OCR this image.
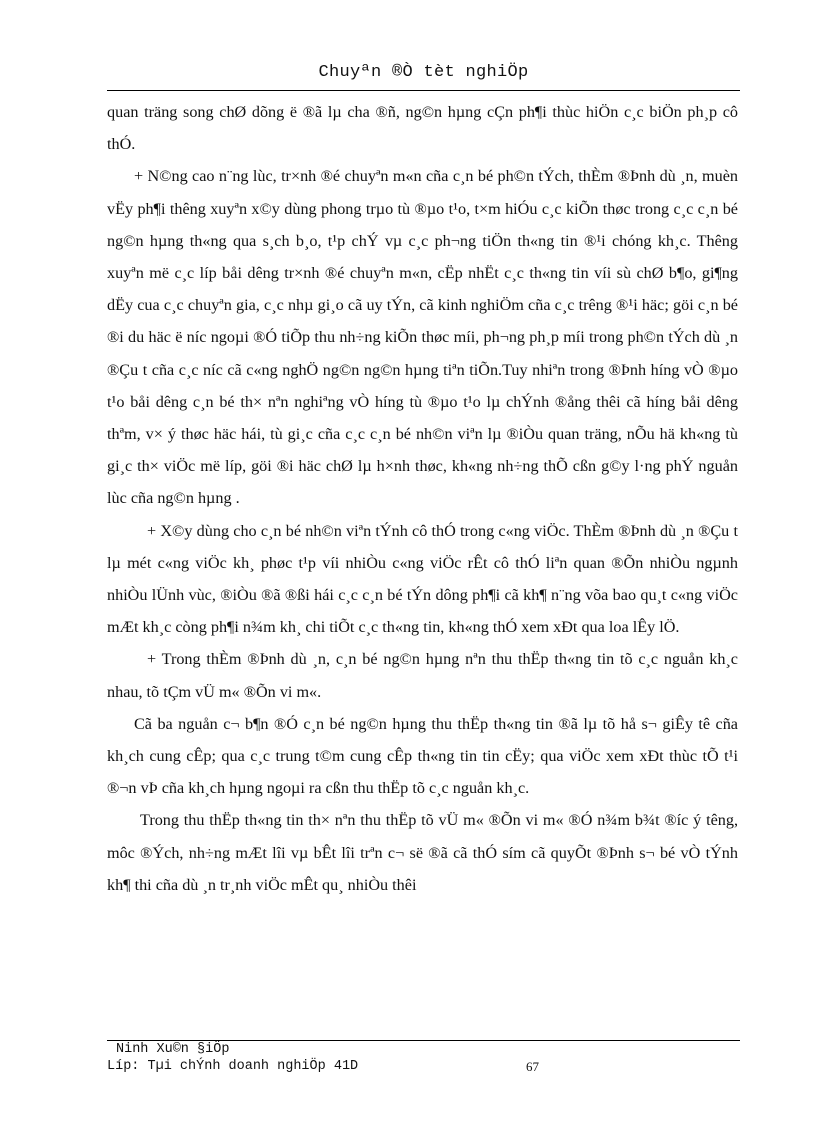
Chuyªn ®Ò tèt nghiÖp

quan träng song chØ dõng ë ®ã lµ cha ®ñ, ng©n hµng cÇn ph¶i thùc hiÖn c¸c biÖn ph¸p cô thÓ.

+ N©ng cao n¨ng lùc, tr×nh ®é chuyªn m«n cña c¸n bé ph©n tÝch, thÈm ®Þnh dù ¸n, muèn vËy ph¶i thêng xuyªn x©y dùng phong trµo tù ®µo t¹o, t×m hiÓu c¸c kiÕn thøc trong c¸c c¸n bé ng©n hµng th«ng qua s¸ch b¸o, t¹p chÝ vµ c¸c ph¬ng tiÖn th«ng tin ®¹i chóng kh¸c. Thêng xuyªn më c¸c líp båi dêng tr×nh ®é chuyªn m«n, cËp nhËt c¸c th«ng tin víi sù chØ b¶o, gi¶ng dËy cua c¸c chuyªn gia, c¸c nhµ gi¸o cã uy tÝn, cã kinh nghiÖm cña c¸c trêng ®¹i häc; göi c¸n bé ®i du häc ë níc ngoµi ®Ó tiÕp thu nh÷ng kiÕn thøc míi, ph¬ng ph¸p míi trong ph©n tÝch dù ¸n ®Çu t cña c¸c níc cã c«ng nghÖ ng©n ng©n hµng tiªn tiÕn.Tuy nhiªn trong ®Þnh híng vÒ ®µo t¹o båi dêng c¸n bé th× nªn nghiªng vÒ híng tù ®µo t¹o lµ chÝnh ®ång thêi cã híng båi dêng thªm, v× ý thøc häc hái, tù gi¸c cña c¸c c¸n bé nh©n viªn lµ ®iÒu quan träng, nÕu hä kh«ng tù gi¸c th× viÖc më líp, göi ®i häc chØ lµ h×nh thøc, kh«ng nh÷ng thÕ cßn g©y l·ng phÝ nguån lùc cña ng©n hµng .

+ X©y dùng cho c¸n bé nh©n viªn tÝnh cô thÓ trong c«ng viÖc. ThÈm ®Þnh dù ¸n ®Çu t lµ mét c«ng viÖc kh¸ phøc t¹p víi nhiÒu c«ng viÖc rÊt cô thÓ liªn quan ®Õn nhiÒu ngµnh nhiÒu lÜnh vùc, ®iÒu ®ã ®ßi hái c¸c c¸n bé tÝn dông ph¶i cã kh¶ n¨ng võa bao qu¸t c«ng viÖc mÆt kh¸c còng ph¶i n¾m kh¸ chi tiÕt c¸c th«ng tin, kh«ng thÓ xem xÐt qua loa lÊy lÖ.

+ Trong thÈm ®Þnh dù ¸n, c¸n bé ng©n hµng nªn thu thËp th«ng tin tõ c¸c nguån kh¸c nhau, tõ tÇm vÜ m« ®Õn vi m«.

Cã ba nguån c¬ b¶n ®Ó c¸n bé ng©n hµng thu thËp th«ng tin ®ã lµ tõ hå s¬ giÊy tê cña kh¸ch cung cÊp; qua c¸c trung t©m cung cÊp th«ng tin tin cËy; qua viÖc xem xÐt thùc tÕ t¹i ®¬n vÞ cña kh¸ch hµng ngoµi ra cßn thu thËp tõ c¸c nguån kh¸c.

Trong thu thËp th«ng tin th× nªn thu thËp tõ vÜ m« ®Õn vi m« ®Ó n¾m b¾t ®íc ý têng, môc ®Ých, nh÷ng mÆt lîi vµ bÊt lîi trªn c¬ së ®ã cã thÓ sím cã quyÕt ®Þnh s¬ bé vÒ tÝnh kh¶ thi cña dù ¸n tr¸nh viÖc mÊt qu¸ nhiÒu thêi

Ninh Xu©n §iÖp
Líp: Tµi chÝnh doanh nghiÖp 41D	67
